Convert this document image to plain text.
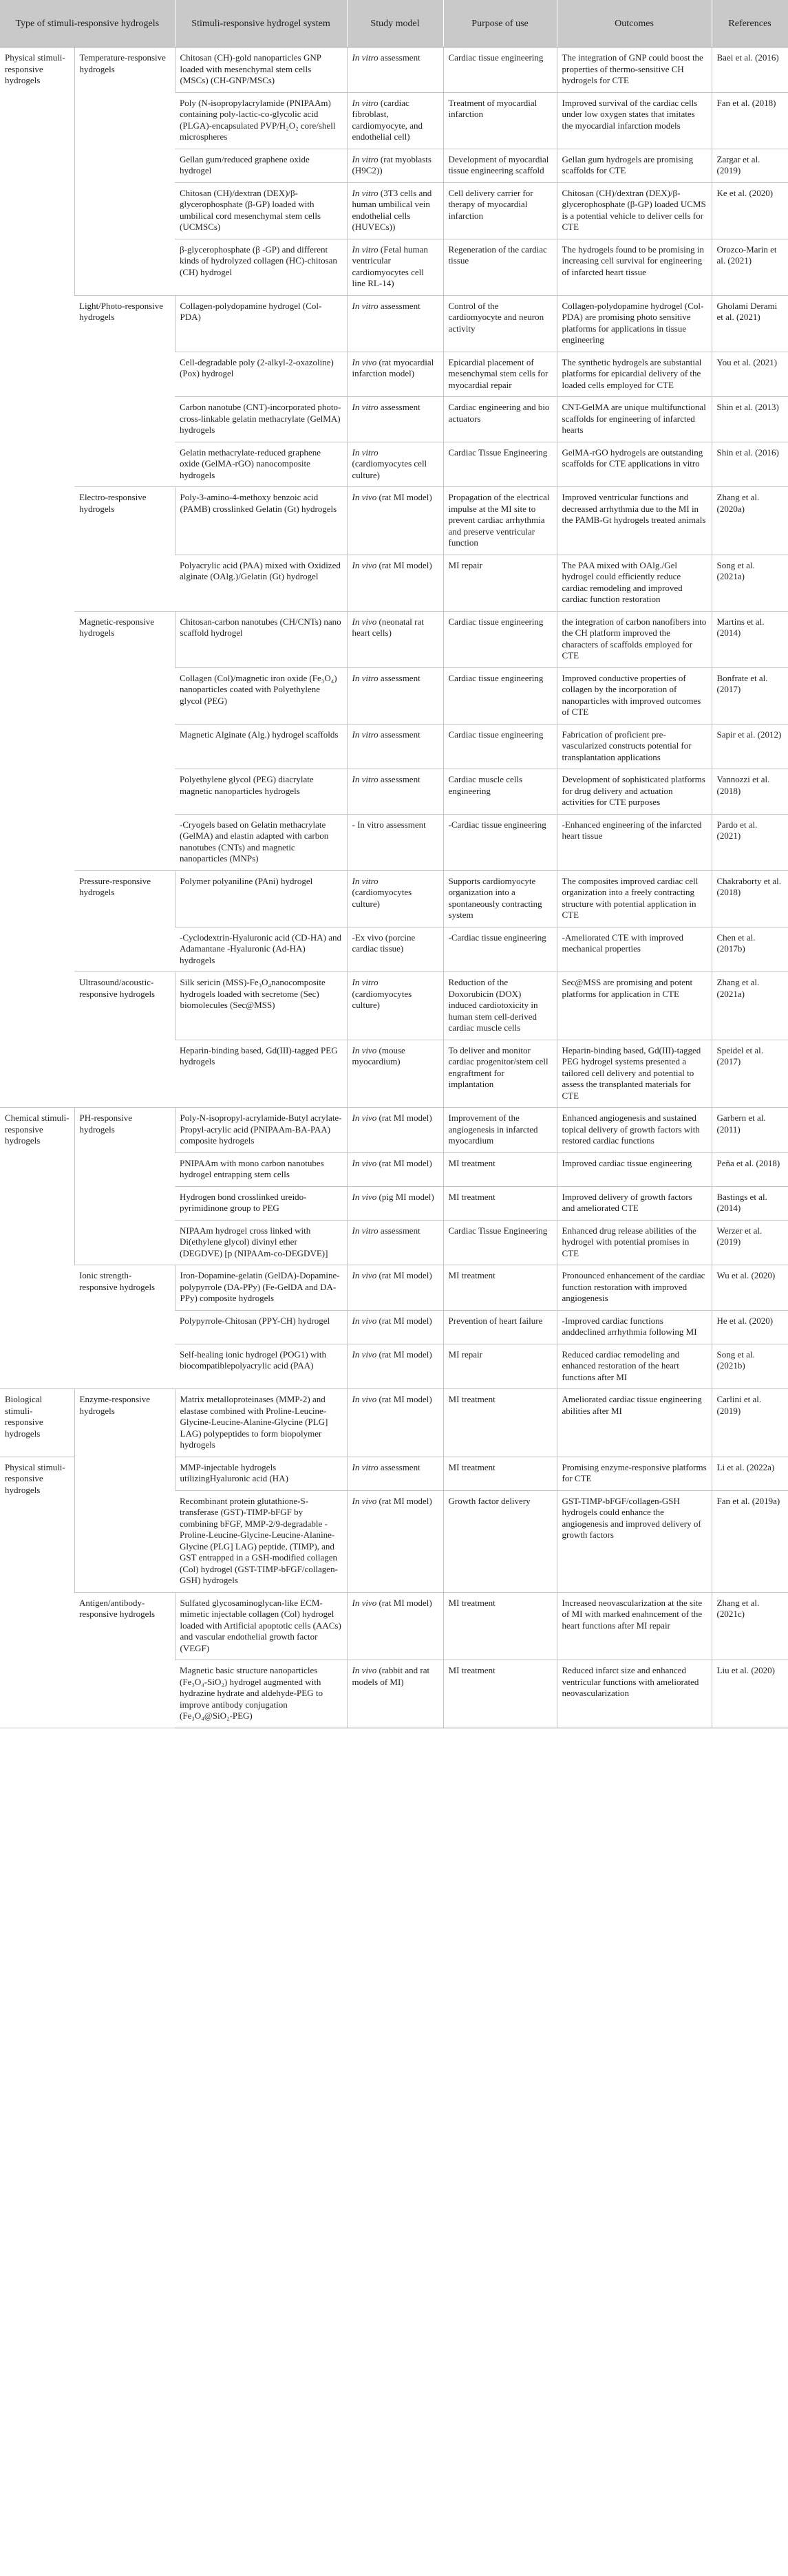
Type of stimuli-responsive hydrogels		Stimuli-responsive hydrogel system	Study model	Purpose of use	Outcomes	References
Physical stimuli-responsive hydrogels	Temperature-responsive hydrogels	Chitosan (CH)-gold nanoparticles GNP loaded with mesenchymal stem cells (MSCs) (CH-GNP/MSCs)	In vitro assessment	Cardiac tissue engineering	The integration of GNP could boost the properties of thermo-sensitive CH hydrogels for CTE	Baei et al. (2016)
		Poly (N-isopropylacrylamide (PNIPAAm) containing poly-lactic-co-glycolic acid (PLGA)-encapsulated PVP/H₂O₂ core/shell microspheres	In vitro (cardiac fibroblast, cardiomyocyte, and endothelial cell)	Treatment of myocardial infarction	Improved survival of the cardiac cells under low oxygen states that imitates the myocardial infarction models	Fan et al. (2018)
		Gellan gum/reduced graphene oxide hydrogel	In vitro (rat myoblasts (H9C2))	Development of myocardial tissue engineering scaffold	Gellan gum hydrogels are promising scaffolds for CTE	Zargar et al. (2019)
		Chitosan (CH)/dextran (DEX)/β-glycerophosphate (β-GP) loaded with umbilical cord mesenchymal stem cells (UCMSCs)	In vitro (3T3 cells and human umbilical vein endothelial cells (HUVECs))	Cell delivery carrier for therapy of myocardial infarction	Chitosan (CH)/dextran (DEX)/β-glycerophosphate (β-GP) loaded UCMS is a potential vehicle to deliver cells for CTE	Ke et al. (2020)
		β-glycerophosphate (β -GP) and different kinds of hydrolyzed collagen (HC)-chitosan (CH) hydrogel	In vitro (Fetal human ventricular cardiomyocytes cell line RL-14)	Regeneration of the cardiac tissue	The hydrogels found to be promising in increasing cell survival for engineering of infarcted heart tissue	Orozco-Marin et al. (2021)
	Light/Photo-responsive hydrogels	Collagen-polydopamine hydrogel (Col-PDA)	In vitro assessment	Control of the cardiomyocyte and neuron activity	Collagen-polydopamine hydrogel (Col-PDA) are promising photo sensitive platforms for applications in tissue engineering	Gholami Derami et al. (2021)
		Cell-degradable poly (2-alkyl-2-oxazoline) (Pox) hydrogel	In vivo (rat myocardial infarction model)	Epicardial placement of mesenchymal stem cells for myocardial repair	The synthetic hydrogels are substantial platforms for epicardial delivery of the loaded cells employed for CTE	You et al. (2021)
		Carbon nanotube (CNT)-incorporated photo-cross-linkable gelatin methacrylate (GelMA) hydrogels	In vitro assessment	Cardiac engineering and bio actuators	CNT-GelMA are unique multifunctional scaffolds for engineering of infarcted hearts	Shin et al. (2013)
		Gelatin methacrylate-reduced graphene oxide (GelMA-rGO) nanocomposite hydrogels	In vitro (cardiomyocytes cell culture)	Cardiac Tissue Engineering	GelMA-rGO hydrogels are outstanding scaffolds for CTE applications in vitro	Shin et al. (2016)
	Electro-responsive hydrogels	Poly-3-amino-4-methoxy benzoic acid (PAMB) crosslinked Gelatin (Gt) hydrogels	In vivo (rat MI model)	Propagation of the electrical impulse at the MI site to prevent cardiac arrhythmia and preserve ventricular function	Improved ventricular functions and decreased arrhythmia due to the MI in the PAMB-Gt hydrogels treated animals	Zhang et al. (2020a)
		Polyacrylic acid (PAA) mixed with Oxidized alginate (OAlg.)/Gelatin (Gt) hydrogel	In vivo (rat MI model)	MI repair	The PAA mixed with OAlg./Gel hydrogel could efficiently reduce cardiac remodeling and improved cardiac function restoration	Song et al. (2021a)
	Magnetic-responsive hydrogels	Chitosan-carbon nanotubes (CH/CNTs) nano scaffold hydrogel	In vivo (neonatal rat heart cells)	Cardiac tissue engineering	the integration of carbon nanofibers into the CH platform improved the characters of scaffolds employed for CTE	Martins et al. (2014)
		Collagen (Col)/magnetic iron oxide (Fe₃O₄) nanoparticles coated with Polyethylene glycol (PEG)	In vitro assessment	Cardiac tissue engineering	Improved conductive properties of collagen by the incorporation of nanoparticles with improved outcomes of CTE	Bonfrate et al. (2017)
		Magnetic Alginate (Alg.) hydrogel scaffolds	In vitro assessment	Cardiac tissue engineering	Fabrication of proficient pre-vascularized constructs potential for transplantation applications	Sapir et al. (2012)
		Polyethylene glycol (PEG) diacrylate magnetic nanoparticles hydrogels	In vitro assessment	Cardiac muscle cells engineering	Development of sophisticated platforms for drug delivery and actuation activities for CTE purposes	Vannozzi et al. (2018)
		-Cryogels based on Gelatin methacrylate (GelMA) and elastin adapted with carbon nanotubes (CNTs) and magnetic nanoparticles (MNPs)	- In vitro assessment	-Cardiac tissue engineering	-Enhanced engineering of the infarcted heart tissue	Pardo et al. (2021)
	Pressure-responsive hydrogels	Polymer polyaniline (PAni) hydrogel	In vitro (cardiomyocytes culture)	Supports cardiomyocyte organization into a spontaneously contracting system	The composites improved cardiac cell organization into a freely contracting structure with potential application in CTE	Chakraborty et al. (2018)
		-Cyclodextrin-Hyaluronic acid (CD-HA) and Adamantane -Hyaluronic (Ad-HA) hydrogels	-Ex vivo (porcine cardiac tissue)	-Cardiac tissue engineering	-Ameliorated CTE with improved mechanical properties	Chen et al. (2017b)
	Ultrasound/acoustic-responsive hydrogels	Silk sericin (MSS)-Fe₃O₄nanocomposite hydrogels loaded with secretome (Sec) biomolecules (Sec@MSS)	In vitro (cardiomyocytes culture)	Reduction of the Doxorubicin (DOX) induced cardiotoxicity in human stem cell-derived cardiac muscle cells	Sec@MSS are promising and potent platforms for application in CTE	Zhang et al. (2021a)
		Heparin-binding based, Gd(III)-tagged PEG hydrogels	In vivo (mouse myocardium)	To deliver and monitor cardiac progenitor/stem cell engraftment for implantation	Heparin-binding based, Gd(III)-tagged PEG hydrogel systems presented a tailored cell delivery and potential to assess the transplanted materials for CTE	Speidel et al. (2017)
Chemical stimuli-responsive hydrogels	PH-responsive hydrogels	Poly-N-isopropyl-acrylamide-Butyl acrylate- Propyl-acrylic acid (PNIPAAm-BA-PAA) composite hydrogels	In vivo (rat MI model)	Improvement of the angiogenesis in infarcted myocardium	Enhanced angiogenesis and sustained topical delivery of growth factors with restored cardiac functions	Garbern et al. (2011)
		PNIPAAm with mono carbon nanotubes hydrogel entrapping stem cells	In vivo (rat MI model)	MI treatment	Improved cardiac tissue engineering	Peña et al. (2018)
		Hydrogen bond crosslinked ureido-pyrimidinone group to PEG	In vivo (pig MI model)	MI treatment	Improved delivery of growth factors and ameliorated CTE	Bastings et al. (2014)
		NIPAAm hydrogel cross linked with Di(ethylene glycol) divinyl ether (DEGDVE) [p (NIPAAm-co-DEGDVE)]	In vitro assessment	Cardiac Tissue Engineering	Enhanced drug release abilities of the hydrogel with potential promises in CTE	Werzer et al. (2019)
	Ionic strength-responsive hydrogels	Iron-Dopamine-gelatin (GelDA)-Dopamine-polypyrrole (DA-PPy) (Fe-GelDA and DA-PPy) composite hydrogels	In vivo (rat MI model)	MI treatment	Pronounced enhancement of the cardiac function restoration with improved angiogenesis	Wu et al. (2020)
		Polypyrrole-Chitosan (PPY-CH) hydrogel	In vivo (rat MI model)	Prevention of heart failure	-Improved cardiac functions anddeclined arrhythmia following MI	He et al. (2020)
		Self-healing ionic hydrogel (POG1) with biocompatiblepolyacrylic acid (PAA)	In vivo (rat MI model)	MI repair	Reduced cardiac remodeling and enhanced restoration of the heart functions after MI	Song et al. (2021b)
Biological stimuli-responsive hydrogels	Enzyme-responsive hydrogels	Matrix metalloproteinases (MMP-2) and elastase combined with Proline-Leucine-Glycine-Leucine-Alanine-Glycine (PLG] LAG) polypeptides to form biopolymer hydrogels	In vivo (rat MI model)	MI treatment	Ameliorated cardiac tissue engineering abilities after MI	Carlini et al. (2019)
Physical stimuli-responsive hydrogels		MMP-injectable hydrogels utilizingHyaluronic acid (HA)	In vitro assessment	MI treatment	Promising enzyme-responsive platforms for CTE	Li et al. (2022a)
		Recombinant protein glutathione-S-transferase (GST)-TIMP-bFGF by combining bFGF, MMP-2/9-degradable -Proline-Leucine-Glycine-Leucine-Alanine-Glycine (PLG] LAG) peptide, (TIMP), and GST entrapped in a GSH-modified collagen (Col) hydrogel (GST-TIMP-bFGF/collagen-GSH) hydrogels	In vivo (rat MI model)	Growth factor delivery	GST-TIMP-bFGF/collagen-GSH hydrogels could enhance the angiogenesis and improved delivery of growth factors	Fan et al. (2019a)
	Antigen/antibody-responsive hydrogels	Sulfated glycosaminoglycan-like ECM-mimetic injectable collagen (Col) hydrogel loaded with Artificial apoptotic cells (AACs) and vascular endothelial growth factor (VEGF)	In vivo (rat MI model)	MI treatment	Increased neovascularization at the site of MI with marked enahncement of the heart functions after MI repair	Zhang et al. (2021c)
		Magnetic basic structure nanoparticles (Fe₃O₄-SiO₂) hydrogel augmented with hydrazine hydrate and aldehyde-PEG to improve antibody conjugation (Fe₃O₄@SiO₂-PEG)	In vivo (rabbit and rat models of MI)	MI treatment	Reduced infarct size and enhanced ventricular functions with ameliorated neovascularization	Liu et al. (2020)
